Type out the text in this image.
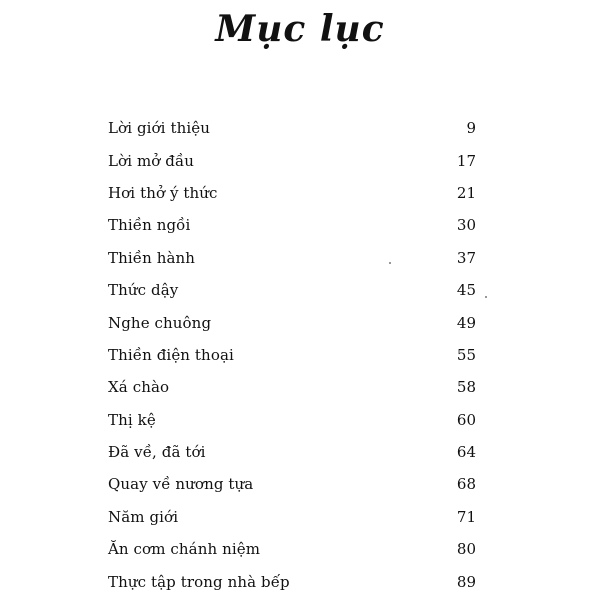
Mục lục
Lời giới thiệu	9
Lời mở đầu	17
Hơi thở ý thức	21
Thiền ngồi	30
Thiền hành	37
Thức dậy	45
Nghe chuông	49
Thiền điện thoại	55
Xá chào	58
Thị kệ	60
Đã về, đã tới	64
Quay về nương tựa	68
Năm giới	71
Ăn cơm chánh niệm	80
Thực tập trong nhà bếp	89
